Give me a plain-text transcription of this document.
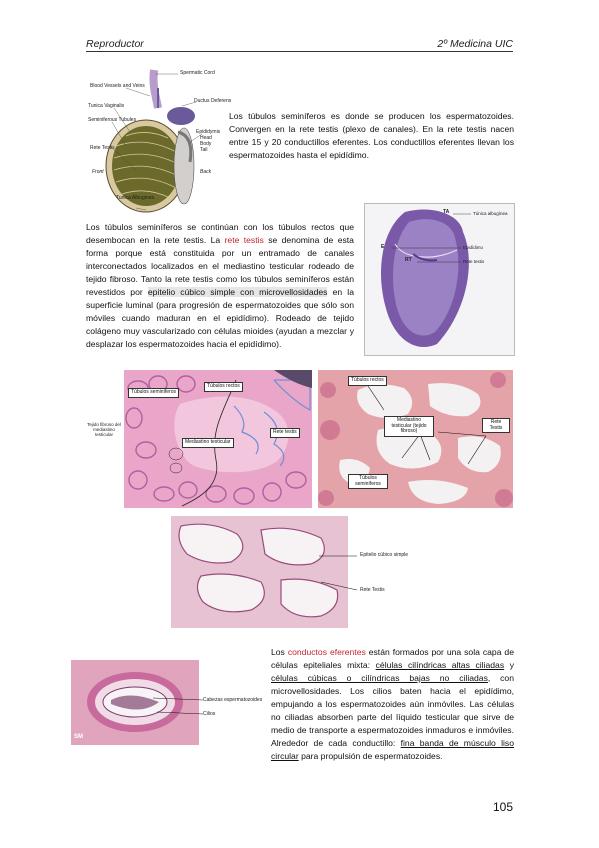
Reproductor	2º Medicina UIC
Spermatic Cord
Blood Vessels and Veins
Ductus Deferens
Tunica Vaginalis
Seminiferous Tubules
Epididymis
Head
Body
Tail
Rete Testis
Front	Back
Tunica Albuginea
Los túbulos seminíferos es donde se producen los espermatozoides. Convergen en la rete testis (plexo de canales). En la rete testis nacen entre 15 y 20 conductillos eferentes. Los conductillos eferentes llevan los espermatozoides hasta el epidídimo.
Los túbulos seminíferos se continúan con los túbulos rectos que desembocan en la rete testis. La rete testis se denomina de esta forma porque está constituida por un entramado de canales interconectados localizados en el mediastino testicular rodeado de tejido fibroso. Tanto la rete testis como los túbulos seminíferos están revestidos por epitelio cúbico simple con microvellosidades en la superficie luminal (para progresión de espermatozoides que sólo son móviles cuando maduran en el epidídimo). Rodeado de tejido colágeno muy vascularizado con células mioides (ayudan a mezclar y desplazar los espermatozoides hacia el epidídimo).
TA	Túnica albugínea
E	Epidídimo
RT	Rete testis
Túbulos seminíferos
Túbulos rectos
Tejido fibroso del mediastino testicular
Mediastino testicular
Rete testis
Túbulos rectos
Mediastino testicular (tejido fibroso)
Rete Testis
Túbulos seminíferos
Epitelio cúbico simple
Rete Testis
SM
Cabezas espermatozoides
Cilios
Los conductos eferentes están formados por una sola capa de células epiteliales mixta: células cilíndricas altas ciliadas y células cúbicas o cilíndricas bajas no ciliadas, con microvellosidades. Los cilios baten hacia el epidídimo, empujando a los espermatozoides aún inmóviles. Las células no ciliadas absorben parte del líquido testicular que sirve de medio de transporte a espermatozoides inmaduros e inmóviles. Alrededor de cada conductillo: fina banda de músculo liso circular para propulsión de espermatozoides.
105
